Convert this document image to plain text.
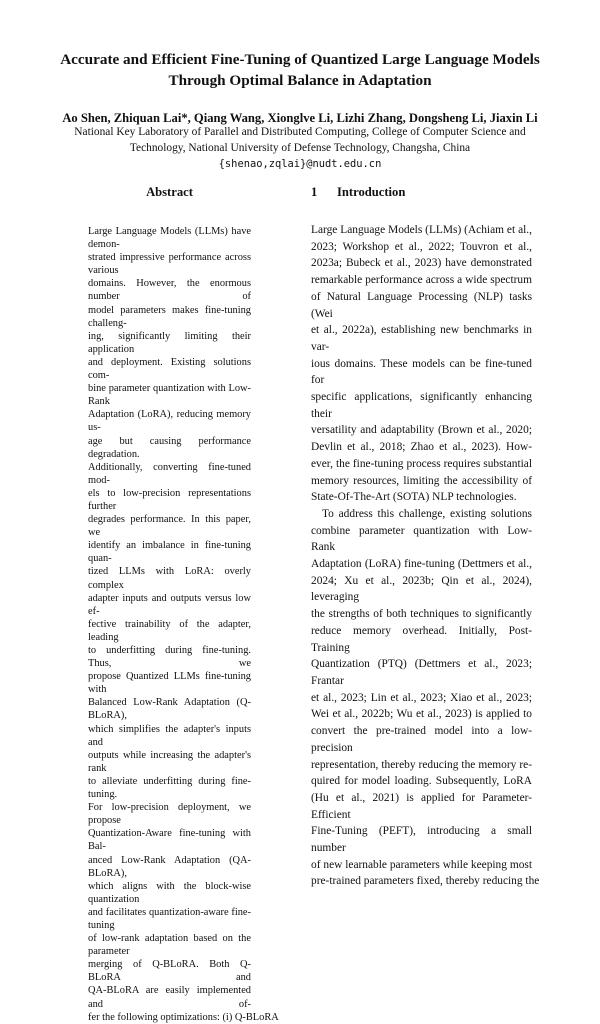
Accurate and Efficient Fine-Tuning of Quantized Large Language Models
Through Optimal Balance in Adaptation
Ao Shen, Zhiquan Lai*, Qiang Wang, Xionglve Li, Lizhi Zhang, Dongsheng Li, Jiaxin Li
National Key Laboratory of Parallel and Distributed Computing, College of Computer Science and
Technology, National University of Defense Technology, Changsha, China
{shenao,zqlai}@nudt.edu.cn
Abstract

Large Language Models (LLMs) have demon-
strated impressive performance across various
domains. However, the enormous number of
model parameters makes fine-tuning challeng-
ing, significantly limiting their application
and deployment. Existing solutions com-
bine parameter quantization with Low-Rank
Adaptation (LoRA), reducing memory us-
age but causing performance degradation.
Additionally, converting fine-tuned mod-
els to low-precision representations further
degrades performance. In this paper, we
identify an imbalance in fine-tuning quan-
tized LLMs with LoRA: overly complex
adapter inputs and outputs versus low ef-
fective trainability of the adapter, leading
to underfitting during fine-tuning. Thus, we
propose Quantized LLMs fine-tuning with
Balanced Low-Rank Adaptation (Q-BLoRA),
which simplifies the adapter's inputs and
outputs while increasing the adapter's rank
to alleviate underfitting during fine-tuning.
For low-precision deployment, we propose
Quantization-Aware fine-tuning with Bal-
anced Low-Rank Adaptation (QA-BLoRA),
which aligns with the block-wise quantization
and facilitates quantization-aware fine-tuning
of low-rank adaptation based on the parameter
merging of Q-BLoRA. Both Q-BLoRA and
QA-BLoRA are easily implemented and of-
fer the following optimizations: (i) Q-BLoRA

1 Introduction

Large Language Models (LLMs) (Achiam et al.,
2023; Workshop et al., 2022; Touvron et al.,
2023a; Bubeck et al., 2023) have demonstrated
remarkable performance across a wide spectrum
of Natural Language Processing (NLP) tasks (Wei
et al., 2022a), establishing new benchmarks in var-
ious domains. These models can be fine-tuned for
specific applications, significantly enhancing their
versatility and adaptability (Brown et al., 2020;
Devlin et al., 2018; Zhao et al., 2023). How-
ever, the fine-tuning process requires substantial
memory resources, limiting the accessibility of
State-Of-The-Art (SOTA) NLP technologies.

To address this challenge, existing solutions
combine parameter quantization with Low-Rank
Adaptation (LoRA) fine-tuning (Dettmers et al.,
2024; Xu et al., 2023b; Qin et al., 2024), leveraging
the strengths of both techniques to significantly
reduce memory overhead. Initially, Post-Training
Quantization (PTQ) (Dettmers et al., 2023; Frantar
et al., 2023; Lin et al., 2023; Xiao et al., 2023;
Wei et al., 2022b; Wu et al., 2023) is applied to
convert the pre-trained model into a low-precision
representation, thereby reducing the memory re-
quired for model loading. Subsequently, LoRA
(Hu et al., 2021) is applied for Parameter-Efficient
Fine-Tuning (PEFT), introducing a small number
of new learnable parameters while keeping most
pre-trained parameters fixed, thereby reducing the
